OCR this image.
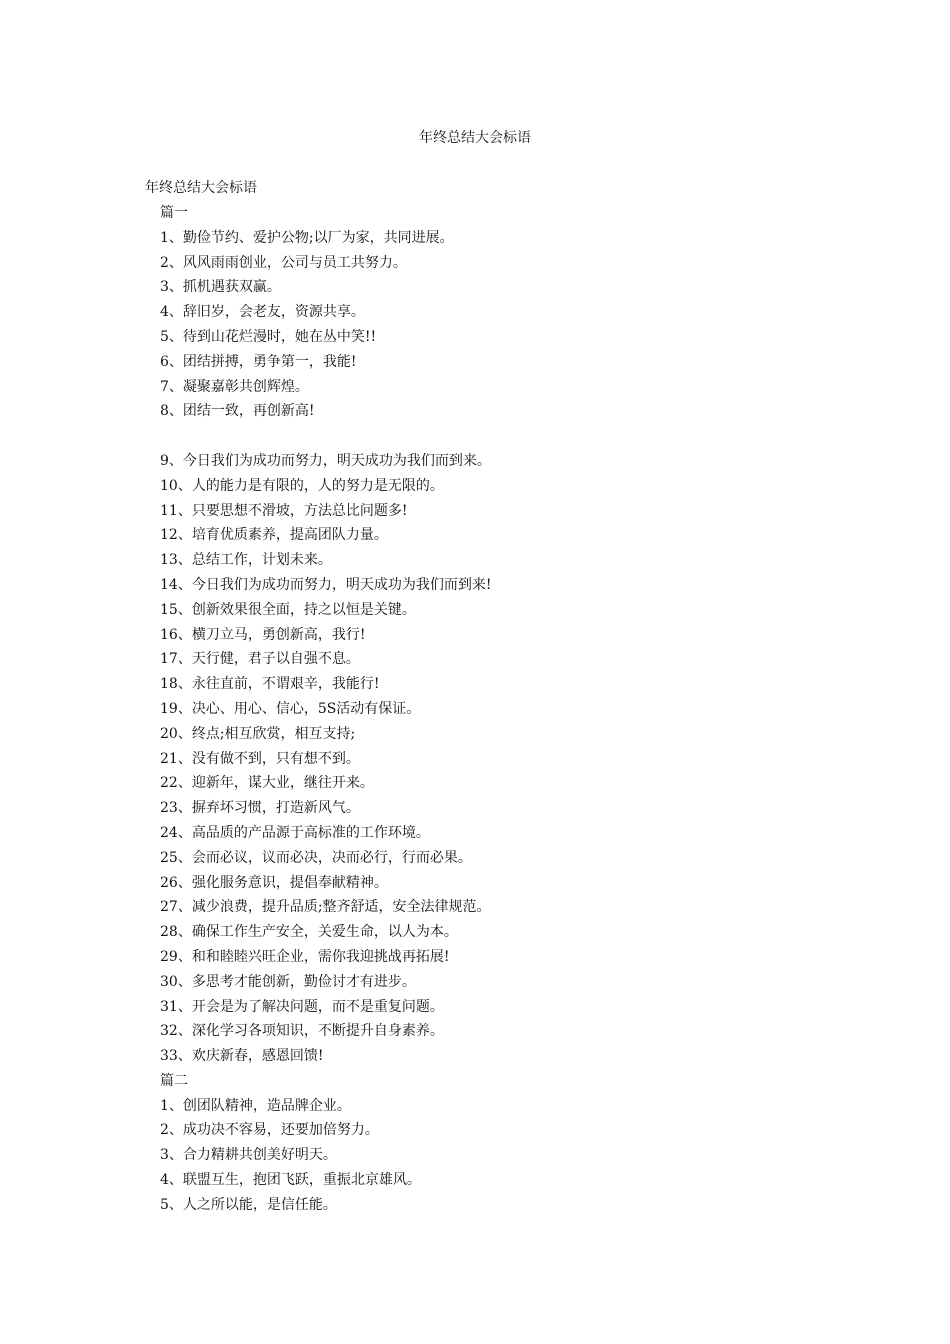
年终总结大会标语
年终总结大会标语
篇一
1、勤俭节约、爱护公物;以厂为家，共同进展。
2、风风雨雨创业，公司与员工共努力。
3、抓机遇获双赢。
4、辞旧岁，会老友，资源共享。
5、待到山花烂漫时，她在丛中笑!!
6、团结拼搏，勇争第一，我能!
7、凝聚嘉彰共创辉煌。
8、团结一致，再创新高!
9、今日我们为成功而努力，明天成功为我们而到来。
10、人的能力是有限的，人的努力是无限的。
11、只要思想不滑坡，方法总比问题多!
12、培育优质素养，提高团队力量。
13、总结工作，计划未来。
14、今日我们为成功而努力，明天成功为我们而到来!
15、创新效果很全面，持之以恒是关键。
16、横刀立马，勇创新高，我行!
17、天行健，君子以自强不息。
18、永往直前，不谓艰辛，我能行!
19、决心、用心、信心，5S活动有保证。
20、终点;相互欣赏，相互支持;
21、没有做不到，只有想不到。
22、迎新年，谋大业，继往开来。
23、摒弃坏习惯，打造新风气。
24、高品质的产品源于高标准的工作环境。
25、会而必议，议而必决，决而必行，行而必果。
26、强化服务意识，提倡奉献精神。
27、减少浪费，提升品质;整齐舒适，安全法律规范。
28、确保工作生产安全，关爱生命，以人为本。
29、和和睦睦兴旺企业，需你我迎挑战再拓展!
30、多思考才能创新，勤俭讨才有进步。
31、开会是为了解决问题，而不是重复问题。
32、深化学习各项知识，不断提升自身素养。
33、欢庆新春，感恩回馈!
篇二
1、创团队精神，造品牌企业。
2、成功决不容易，还要加倍努力。
3、合力精耕共创美好明天。
4、联盟互生，抱团飞跃，重振北京雄风。
5、人之所以能，是信任能。
